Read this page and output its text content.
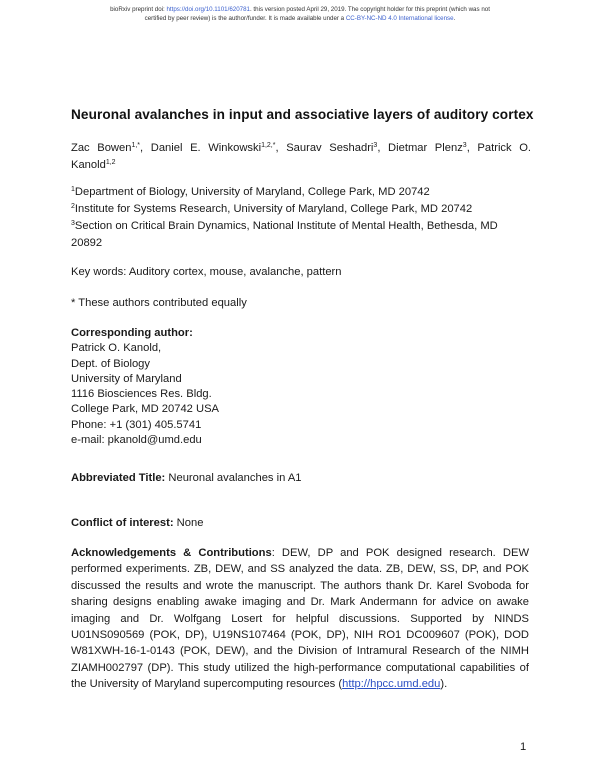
bioRxiv preprint doi: https://doi.org/10.1101/620781. this version posted April 29, 2019. The copyright holder for this preprint (which was not
certified by peer review) is the author/funder. It is made available under a CC-BY-NC-ND 4.0 International license.
Neuronal avalanches in input and associative layers of auditory cortex
Zac Bowen$^{1,*}$, Daniel E. Winkowski$^{1,2,*}$, Saurav Seshadri$^3$, Dietmar Plenz$^3$, Patrick O. Kanold$^{1,2}$

$^1$Department of Biology, University of Maryland, College Park, MD 20742

$^2$Institute for Systems Research, University of Maryland, College Park, MD 20742

$^3$Section on Critical Brain Dynamics, National Institute of Mental Health, Bethesda, MD 20892

Key words: Auditory cortex, mouse, avalanche, pattern
* These authors contributed equally
Corresponding author:
Patrick O. Kanold,
Dept. of Biology
University of Maryland
1116 Biosciences Res. Bldg.
College Park, MD 20742 USA
Phone: +1 (301) 405.5741
e-mail: pkanold@umd.edu
Abbreviated Title: Neuronal avalanches in A1
Conflict of interest: None
Acknowledgements & Contributions: DEW, DP and POK designed research. DEW performed experiments. ZB, DEW, and SS analyzed the data. ZB, DEW, SS, DP, and POK discussed the results and wrote the manuscript. The authors thank Dr. Karel Svoboda for sharing designs enabling awake imaging and Dr. Mark Andermann for advice on awake imaging and Dr. Wolfgang Losert for helpful discussions. Supported by NINDS U01NS090569 (POK, DP), U19NS107464 (POK, DP), NIH RO1 DC009607 (POK), DOD W81XWH-16-1-0143 (POK, DEW), and the Division of Intramural Research of the NIMH ZIAMH002797 (DP). This study utilized the high-performance computational capabilities of the University of Maryland supercomputing resources (http://hpcc.umd.edu).
1
